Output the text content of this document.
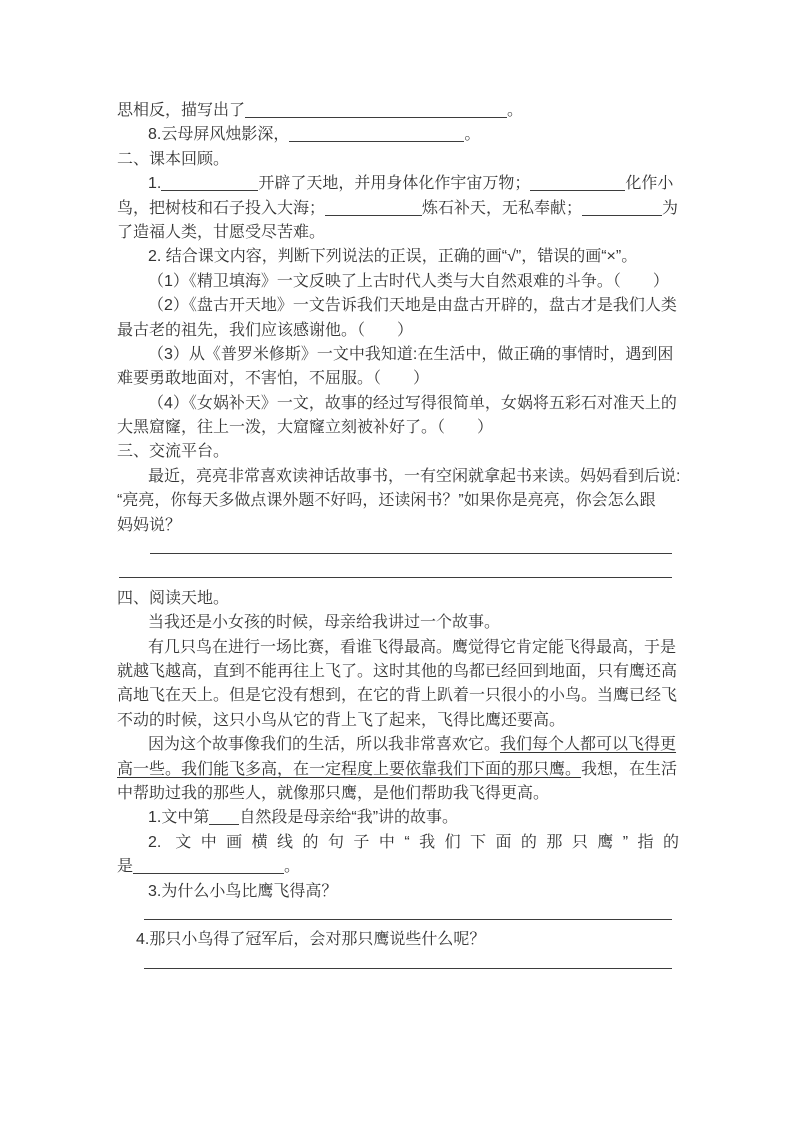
思相反，描写出了	。
8.云母屏风烛影深，	。
二、课本回顾。
1.	开辟了天地，并用身体化作宇宙万物；	化作小
鸟，把树枝和石子投入大海；	炼石补天，无私奉献；	为
了造福人类，甘愿受尽苦难。
2. 结合课文内容，判断下列说法的正误，正确的画“√”，错误的画“×”。
（1）《精卫填海》一文反映了上古时代人类与大自然艰难的斗争。（　　）
（2）《盘古开天地》一文告诉我们天地是由盘古开辟的，盘古才是我们人类
最古老的祖先，我们应该感谢他。（　　）
（3）从《普罗米修斯》一文中我知道:在生活中，做正确的事情时，遇到困
难要勇敢地面对，不害怕，不屈服。（　　）
（4）《女娲补天》一文，故事的经过写得很简单，女娲将五彩石对准天上的
大黑窟窿，往上一泼，大窟窿立刻被补好了。（　　）
三、交流平台。
最近，亮亮非常喜欢读神话故事书，一有空闲就拿起书来读。妈妈看到后说:
“亮亮，你每天多做点课外题不好吗，还读闲书？”如果你是亮亮，你会怎么跟
妈妈说？
四、阅读天地。
当我还是小女孩的时候，母亲给我讲过一个故事。
有几只鸟在进行一场比赛，看谁飞得最高。鹰觉得它肯定能飞得最高，于是
就越飞越高，直到不能再往上飞了。这时其他的鸟都已经回到地面，只有鹰还高
高地飞在天上。但是它没有想到，在它的背上趴着一只很小的小鸟。当鹰已经飞
不动的时候，这只小鸟从它的背上飞了起来，飞得比鹰还要高。
因为这个故事像我们的生活，所以我非常喜欢它。我们每个人都可以飞得更
高一些。我们能飞多高，在一定程度上要依靠我们下面的那只鹰。我想，在生活
中帮助过我的那些人，就像那只鹰，是他们帮助我飞得更高。
1.文中第 自然段是母亲给“我”讲的故事。
2. 文中画横线的句子中“我们下面的那只鹰”指的
是	。
3.为什么小鸟比鹰飞得高？
4.那只小鸟得了冠军后，会对那只鹰说些什么呢？
